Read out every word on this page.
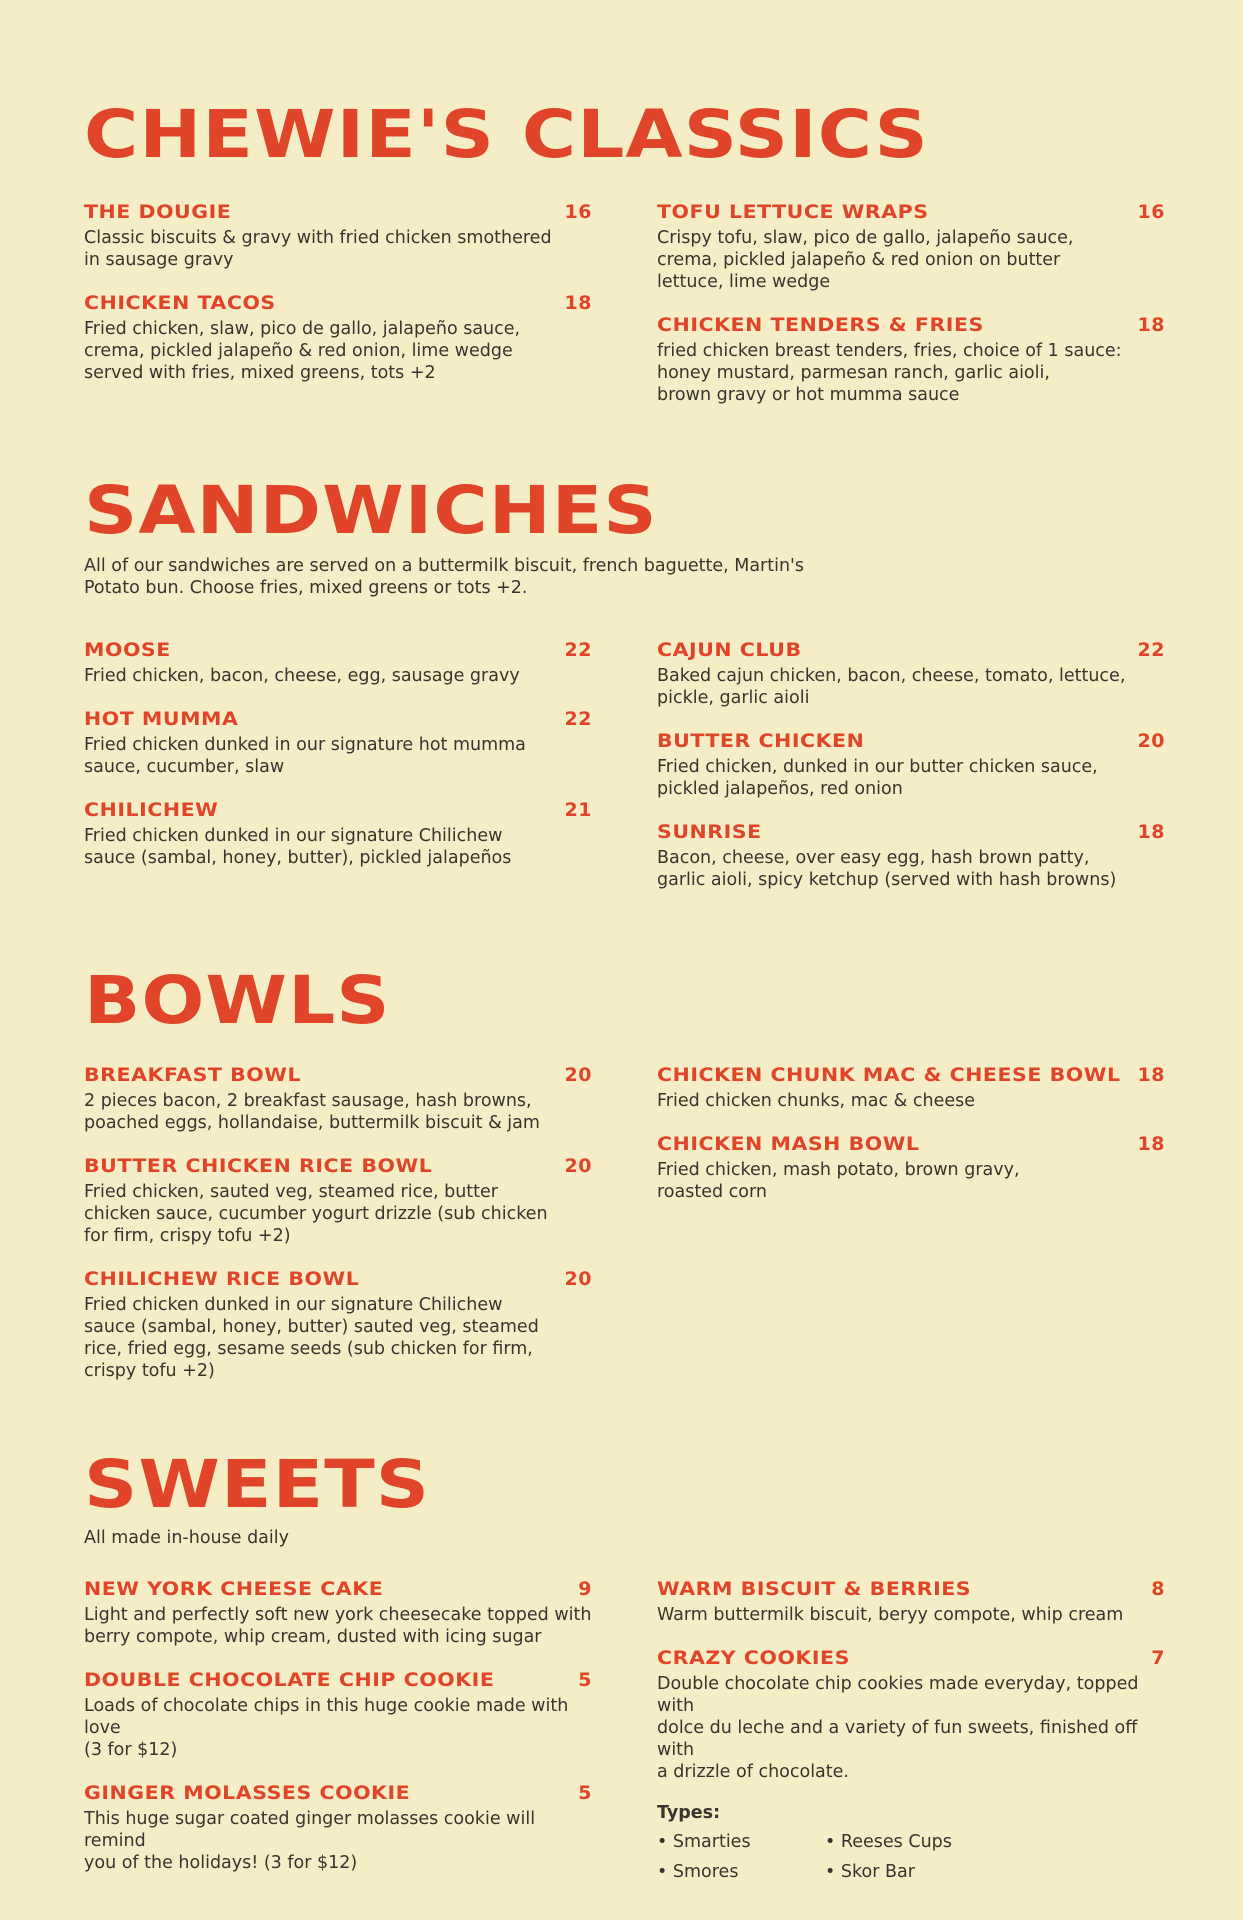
CHEWIE'S CLASSICS
THE DOUGIE	16
Classic biscuits & gravy with fried chicken smothered
in sausage gravy
CHICKEN TACOS	18
Fried chicken, slaw, pico de gallo, jalapeño sauce,
crema, pickled jalapeño & red onion, lime wedge
served with fries, mixed greens, tots +2
TOFU LETTUCE WRAPS	16
Crispy tofu, slaw, pico de gallo, jalapeño sauce,
crema, pickled jalapeño & red onion on butter
lettuce, lime wedge
CHICKEN TENDERS & FRIES	18
fried chicken breast tenders, fries, choice of 1 sauce:
honey mustard, parmesan ranch, garlic aioli,
brown gravy or hot mumma sauce
SANDWICHES

All of our sandwiches are served on a buttermilk biscuit, french baguette, Martin's
Potato bun. Choose fries, mixed greens or tots +2.

MOOSE	22
Fried chicken, bacon, cheese, egg, sausage gravy
HOT MUMMA	22
Fried chicken dunked in our signature hot mumma
sauce, cucumber, slaw
CHILICHEW	21
Fried chicken dunked in our signature Chilichew
sauce (sambal, honey, butter), pickled jalapeños
CAJUN CLUB	22
Baked cajun chicken, bacon, cheese, tomato, lettuce,
pickle, garlic aioli
BUTTER CHICKEN	20
Fried chicken, dunked in our butter chicken sauce,
pickled jalapeños, red onion
SUNRISE	18
Bacon, cheese, over easy egg, hash brown patty,
garlic aioli, spicy ketchup (served with hash browns)
BOWLS
BREAKFAST BOWL	20
2 pieces bacon, 2 breakfast sausage, hash browns,
poached eggs, hollandaise, buttermilk biscuit & jam
BUTTER CHICKEN RICE BOWL	20
Fried chicken, sauted veg, steamed rice, butter
chicken sauce, cucumber yogurt drizzle (sub chicken
for firm, crispy tofu +2)
CHILICHEW RICE BOWL	20
Fried chicken dunked in our signature Chilichew
sauce (sambal, honey, butter) sauted veg, steamed
rice, fried egg, sesame seeds (sub chicken for firm,
crispy tofu +2)
CHICKEN CHUNK MAC & CHEESE BOWL 18
Fried chicken chunks, mac & cheese
CHICKEN MASH BOWL	18
Fried chicken, mash potato, brown gravy,
roasted corn
SWEETS

All made in-house daily

NEW YORK CHEESE CAKE	9
Light and perfectly soft new york cheesecake topped with
berry compote, whip cream, dusted with icing sugar
DOUBLE CHOCOLATE CHIP COOKIE	5
Loads of chocolate chips in this huge cookie made with love
(3 for $12)
GINGER MOLASSES COOKIE	5
This huge sugar coated ginger molasses cookie will remind
you of the holidays! (3 for $12)
WARM BISCUIT & BERRIES	8
Warm buttermilk biscuit, beryy compote, whip cream
CRAZY COOKIES	7
Double chocolate chip cookies made everyday, topped with
dolce du leche and a variety of fun sweets, finished off with
a drizzle of chocolate.
Types:
• Smarties	• Reeses Cups
• Smores	• Skor Bar
